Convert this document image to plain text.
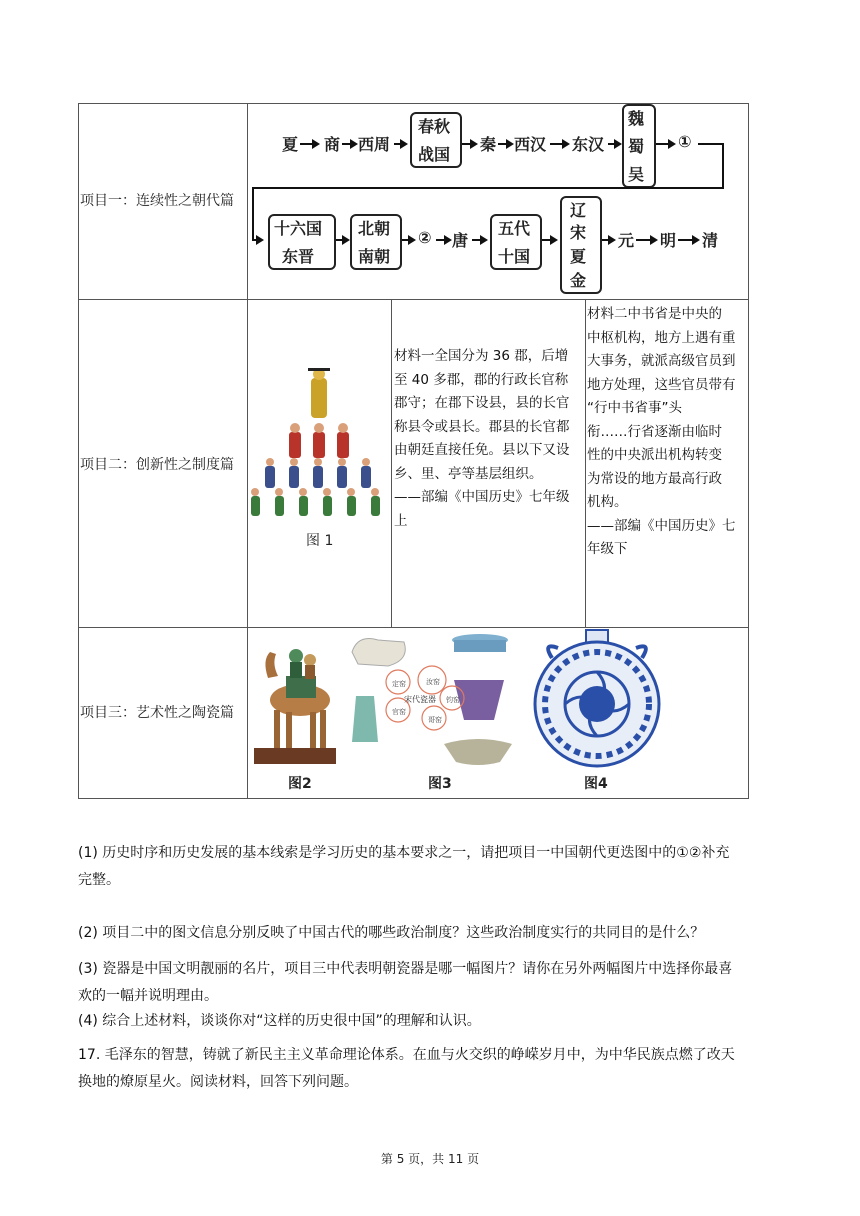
项目一：连续性之朝代篇
项目二：创新性之制度篇
项目三：艺术性之陶瓷篇
夏 商 西周
春秋
战国
秦 西汉 东汉
魏
蜀
吴
①
十六国
东晋
北朝
南朝
② 唐
五代
十国
辽
宋
夏
金
元 明 清
图 1
材料一全国分为 36 郡，后增
至 40 多郡，郡的行政长官称
郡守；在郡下设县，县的长官
称县令或县长。郡县的长官都
由朝廷直接任免。县以下又设
乡、里、亭等基层组织。
——部编《中国历史》七年级
上
材料二中书省是中央的
中枢机构，地方上遇有重
大事务，就派高级官员到
地方处理，这些官员带有
“行中书省事”头
衔……行省逐渐由临时
性的中央派出机构转变
为常设的地方最高行政
机构。
——部编《中国历史》七
年级下
图2
汝窑
钧窑
哥窑
官窑
定窑
宋代瓷器
图3	图4
(1) 历史时序和历史发展的基本线索是学习历史的基本要求之一，请把项目一中国朝代更迭图中的①②补充
完整。
(2) 项目二中的图文信息分别反映了中国古代的哪些政治制度？这些政治制度实行的共同目的是什么？
(3) 瓷器是中国文明靓丽的名片，项目三中代表明朝瓷器是哪一幅图片？请你在另外两幅图片中选择你最喜
欢的一幅并说明理由。
(4) 综合上述材料，谈谈你对“这样的历史很中国”的理解和认识。
17. 毛泽东的智慧，铸就了新民主主义革命理论体系。在血与火交织的峥嵘岁月中，为中华民族点燃了改天
换地的燎原星火。阅读材料，回答下列问题。
第 5 页，共 11 页
